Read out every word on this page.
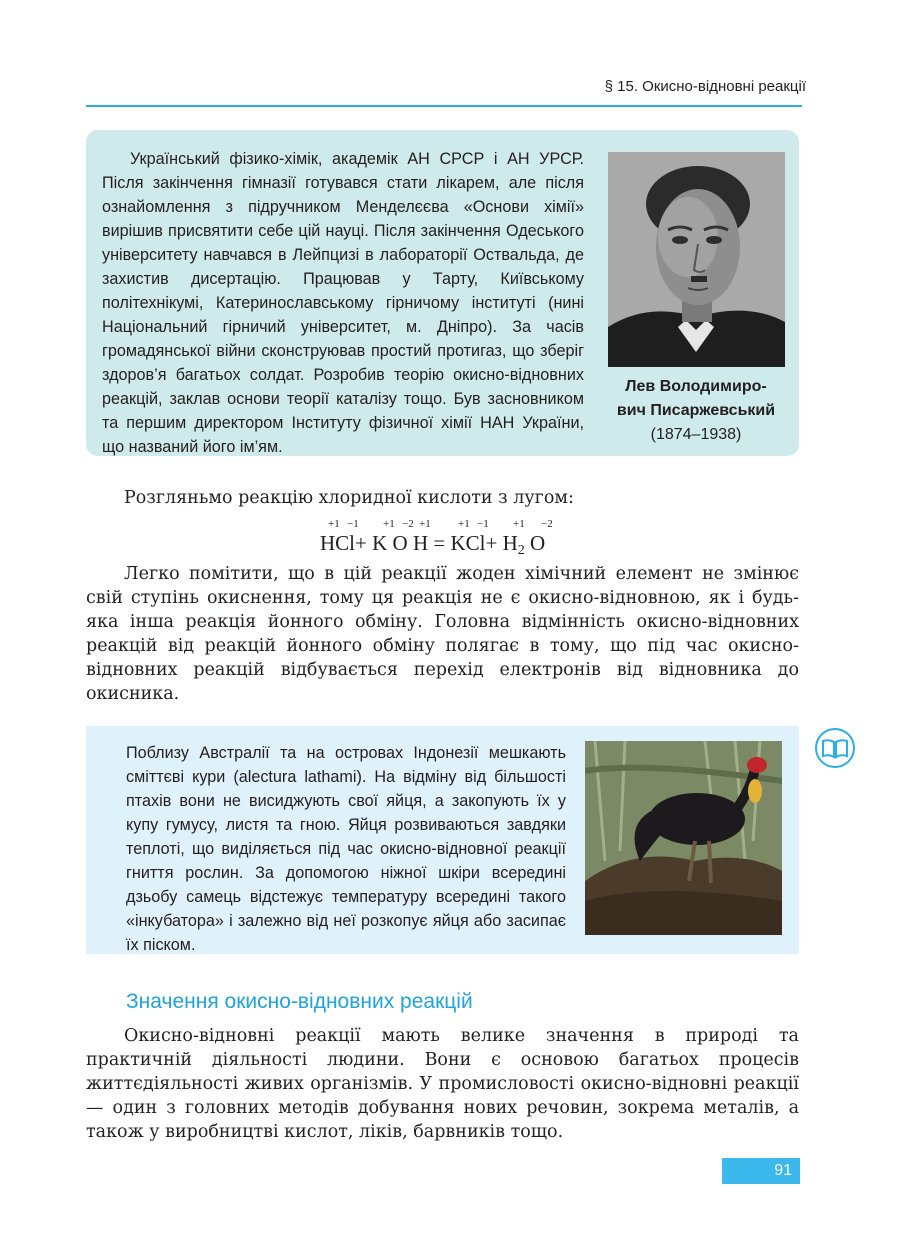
§ 15. Окисно-відновні реакції

Український фізико-хімік, академік АН СРСР і АН УРСР. Після закінчення гімназії готувався стати лікарем, але після ознайомлення з підручником Менделєєва «Основи хімії» вирішив присвятити себе цій науці. Після закінчення Одеського університету навчався в Лейпцизі в лабораторії Оствальда, де захистив дисертацію. Працював у Тарту, Київському політехнікумі, Катеринославському гірничому інституті (нині Національний гірничий університет, м. Дніпро). За часів громадянської війни сконструював простий протигаз, що зберіг здоров’я багатьох солдат. Розробив теорію окисно-відновних реакцій, заклав основи теорії каталізу тощо. Був засновником та першим директором Інституту фізичної хімії НАН України, що названий його ім’ям.

Лев Володимиро-
вич Писаржевський
(1874–1938)

Розгляньмо реакцію хлоридної кислоти з лугом:

+1 −1 +1 −2 +1 +1 −1 +1 −2
HCl+ K O $H = KCl+ H_2$ O

Легко помітити, що в цій реакції жоден хімічний елемент не змінює свій ступінь окиснення, тому ця реакція не є окисно-відновною, як і будь-яка інша реакція йонного обміну. Головна відмінність окисно-відновних реакцій від реакцій йонного обміну полягає в тому, що під час окисно-відновних реакцій відбувається перехід електронів від відновника до окисника.

Поблизу Австралії та на островах Індонезії мешкають сміттєві кури (alectura lathami). На відміну від більшості птахів вони не висиджують свої яйця, а закопують їх у купу гумусу, листя та гною. Яйця розвиваються завдяки теплоті, що виділяється під час окисно-відновної реакції гниття рослин. За допомогою ніжної шкіри всередині дзьобу самець відстежує температуру всередині такого «інкубатора» і залежно від неї розкопує яйця або засипає їх піском.

Значення окисно-відновних реакцій

Окисно-відновні реакції мають велике значення в природі та практичній діяльності людини. Вони є основою багатьох процесів життєдіяльності живих організмів. У промисловості окисно-відновні реакції — один з головних методів добування нових речовин, зокрема металів, а також у виробництві кислот, ліків, барвників тощо.

91
